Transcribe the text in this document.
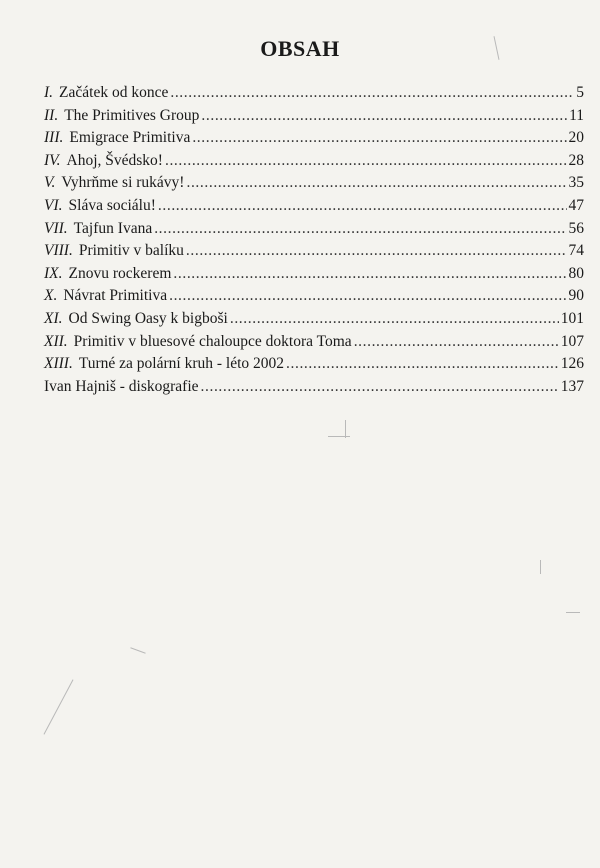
OBSAH
I. Začátek od konce .....	5
II. The Primitives Group .....	11
III. Emigrace Primitiva .....	20
IV. Ahoj, Švédsko! .....	28
V. Vyhrňme si rukávy! .....	35
VI. Sláva sociálu! .....	47
VII. Tajfun Ivana .....	56
VIII. Primitiv v balíku .....	74
IX. Znovu rockerem .....	80
X. Návrat Primitiva .....	90
XI. Od Swing Oasy k bigboši .....	101
XII. Primitiv v bluesové chaloupce doktora Toma .....	107
XIII. Turné za polární kruh - léto 2002 .....	126
Ivan Hajniš - diskografie .....	137
